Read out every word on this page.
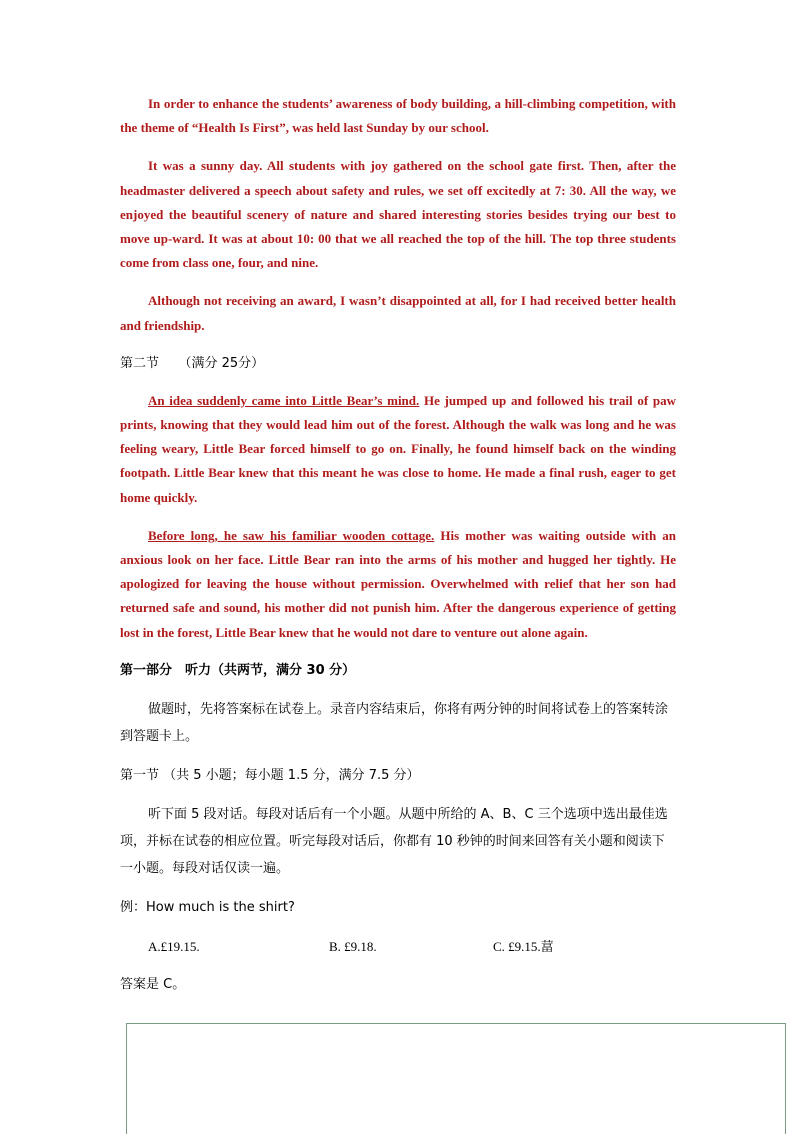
In order to enhance the students’ awareness of body building, a hill-climbing competition, with the theme of “Health Is First”, was held last Sunday by our school.

It was a sunny day. All students with joy gathered on the school gate first. Then, after the headmaster delivered a speech about safety and rules, we set off excitedly at 7: 30. All the way, we enjoyed the beautiful scenery of nature and shared interesting stories besides trying our best to move up-ward. It was at about 10: 00 that we all reached the top of the hill. The top three students come from class one, four, and nine.

Although not receiving an award, I wasn’t disappointed at all, for I had received better health and friendship.

第二节　　（满分 25分）

An idea suddenly came into Little Bear’s mind. He jumped up and followed his trail of paw prints, knowing that they would lead him out of the forest. Although the walk was long and he was feeling weary, Little Bear forced himself to go on. Finally, he found himself back on the winding footpath. Little Bear knew that this meant he was close to home. He made a final rush, eager to get home quickly.

Before long, he saw his familiar wooden cottage. His mother was waiting outside with an anxious look on her face. Little Bear ran into the arms of his mother and hugged her tightly. He apologized for leaving the house without permission. Overwhelmed with relief that her son had returned safe and sound, his mother did not punish him. After the dangerous experience of getting lost in the forest, Little Bear knew that he would not dare to venture out alone again.

第一部分　听力（共两节，满分 30 分）

做题时，先将答案标在试卷上。录音内容结束后，你将有两分钟的时间将试卷上的答案转涂到答题卡上。

第一节 （共 5 小题；每小题 1.5 分，满分 7.5 分）

听下面 5 段对话。每段对话后有一个小题。从题中所给的 A、B、C 三个选项中选出最佳选项，并标在试卷的相应位置。听完每段对话后，你都有 10 秒钟的时间来回答有关小题和阅读下一小题。每段对话仅读一遍。

例：How much is the shirt?

A.£19.15.	B. £9.18.	C. £9.15.葍

答案是 C。
